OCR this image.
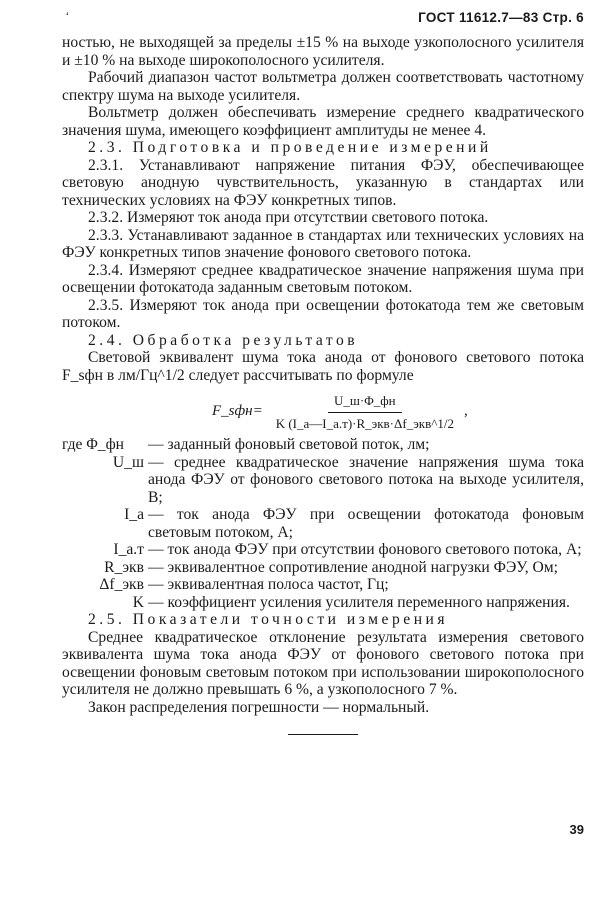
ʻ	ГОСТ 11612.7—83 Стр. 6

ностью, не выходящей за пределы ±15 % на выходе узкополосного усилителя и ±10 % на выходе широкополосного усилителя.

Рабочий диапазон частот вольтметра должен соответствовать частотному спектру шума на выходе усилителя.

Вольтметр должен обеспечивать измерение среднего квадратического значения шума, имеющего коэффициент амплитуды не менее 4.

2.3. Подготовка и проведение измерений

2.3.1. Устанавливают напряжение питания ФЭУ, обеспечивающее световую анодную чувствительность, указанную в стандартах или технических условиях на ФЭУ конкретных типов.

2.3.2. Измеряют ток анода при отсутствии светового потока.

2.3.3. Устанавливают заданное в стандартах или технических условиях на ФЭУ конкретных типов значение фонового светового потока.

2.3.4. Измеряют среднее квадратическое значение напряжения шума при освещении фотокатода заданным световым потоком.

2.3.5. Измеряют ток анода при освещении фотокатода тем же световым потоком.

2.4. Обработка результатов

Световой эквивалент шума тока анода от фонового светового потока F_sфн в лм/Гц^1/2 следует рассчитывать по формуле

F_sфн= $\frac{U\_ш\cdot\Phi\_фн}{\text{K (I\_а—I\_а.т)·R\_экв·Δf\_экв\textasciicircum{}1/2}}$ ,
где Φ_фн	— заданный фоновый световой поток, лм;
U_ш — среднее квадратическое значение напряжения шума тока анода ФЭУ от фонового светового потока на выходе усилителя, В;
I_а — ток анода ФЭУ при освещении фотокатода фоновым световым потоком, А;
I_а.т — ток анода ФЭУ при отсутствии фонового светового потока, А;
R_экв — эквивалентное сопротивление анодной нагрузки ФЭУ, Ом;
Δf_экв — эквивалентная полоса частот, Гц;
K — коэффициент усиления усилителя переменного напряжения.

2.5. Показатели точности измерения

Среднее квадратическое отклонение результата измерения светового эквивалента шума тока анода ФЭУ от фонового светового потока при освещении фоновым световым потоком при использовании широкополосного усилителя не должно превышать 6 %, а узкополосного 7 %.

Закон распределения погрешности — нормальный.

39
